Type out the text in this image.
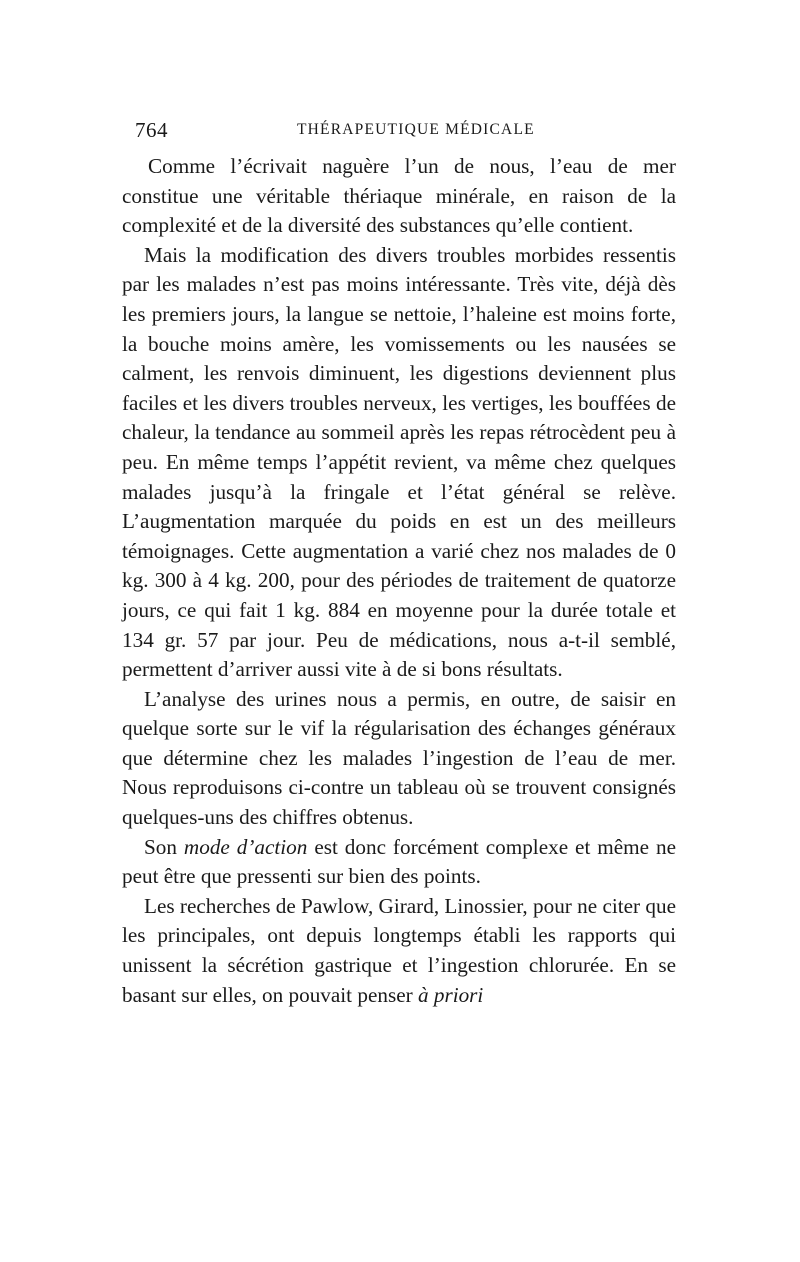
764	THÉRAPEUTIQUE MÉDICALE

Comme l’écrivait naguère l’un de nous, l’eau de mer constitue une véritable thériaque minérale, en raison de la complexité et de la diversité des substances qu’elle contient.

Mais la modification des divers troubles morbides ressentis par les malades n’est pas moins intéressante. Très vite, déjà dès les premiers jours, la langue se nettoie, l’haleine est moins forte, la bouche moins amère, les vomissements ou les nausées se calment, les renvois diminuent, les digestions deviennent plus faciles et les divers troubles nerveux, les vertiges, les bouffées de chaleur, la tendance au sommeil après les repas rétrocèdent peu à peu. En même temps l’appétit revient, va même chez quelques malades jusqu’à la fringale et l’état général se relève. L’augmentation marquée du poids en est un des meilleurs témoignages. Cette augmentation a varié chez nos malades de 0 kg. 300 à 4 kg. 200, pour des périodes de traitement de quatorze jours, ce qui fait 1 kg. 884 en moyenne pour la durée totale et 134 gr. 57 par jour. Peu de médications, nous a-t-il semblé, permettent d’arriver aussi vite à de si bons résultats.

L’analyse des urines nous a permis, en outre, de saisir en quelque sorte sur le vif la régularisation des échanges généraux que détermine chez les malades l’ingestion de l’eau de mer. Nous reproduisons ci-contre un tableau où se trouvent consignés quelques-uns des chiffres obtenus.

Son mode d’action est donc forcément complexe et même ne peut être que pressenti sur bien des points.

Les recherches de Pawlow, Girard, Linossier, pour ne citer que les principales, ont depuis longtemps établi les rapports qui unissent la sécrétion gastrique et l’ingestion chlorurée. En se basant sur elles, on pouvait penser à priori
